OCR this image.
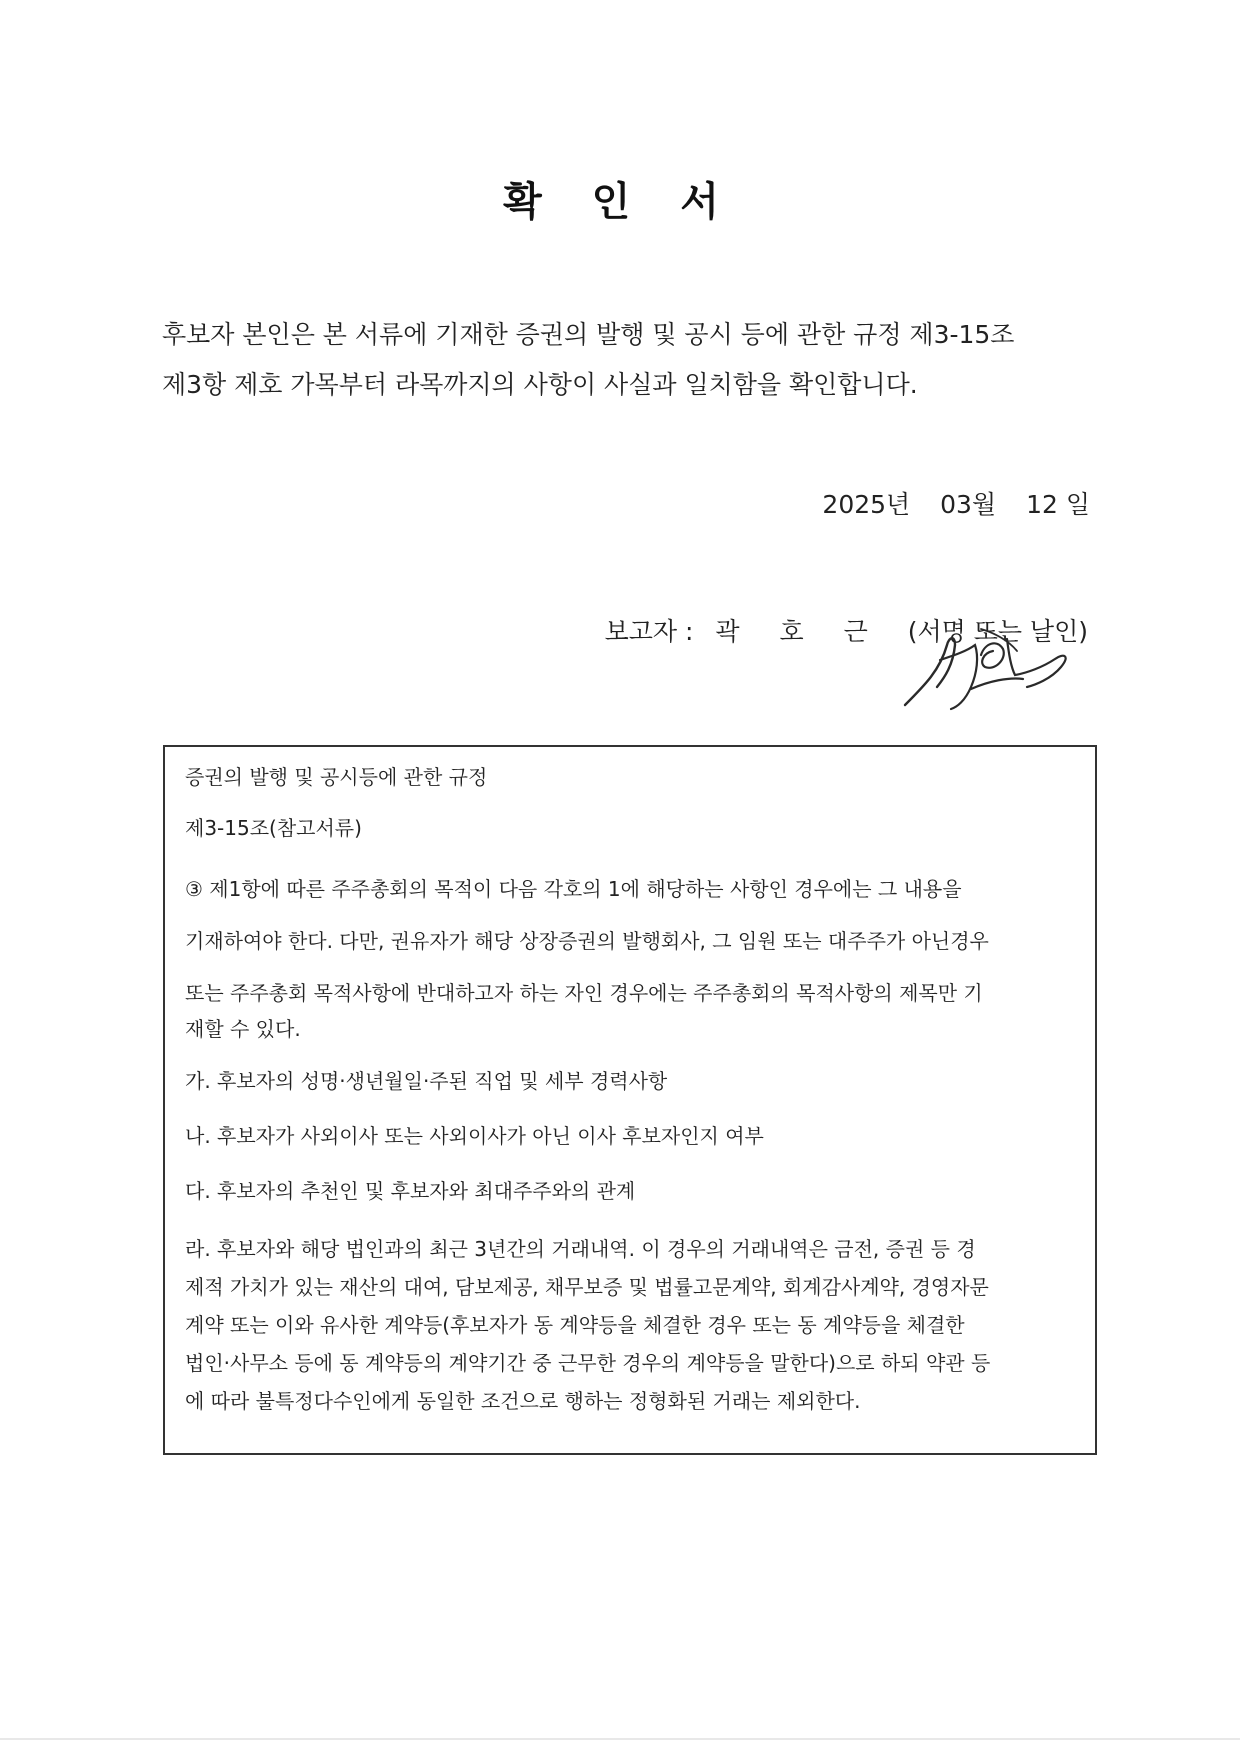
확 인 서

후보자 본인은 본 서류에 기재한 증권의 발행 및 공시 등에 관한 규정 제3-15조

제3항 제호 가목부터 라목까지의 사항이 사실과 일치함을 확인합니다.

2025년 03월 12 일
보고자 : 곽 호 근 (서명 또는 날인)

증권의 발행 및 공시등에 관한 규정

제3-15조(참고서류)

③ 제1항에 따른 주주총회의 목적이 다음 각호의 1에 해당하는 사항인 경우에는 그 내용을

기재하여야 한다. 다만, 권유자가 해당 상장증권의 발행회사, 그 임원 또는 대주주가 아닌경우

또는 주주총회 목적사항에 반대하고자 하는 자인 경우에는 주주총회의 목적사항의 제목만 기

재할 수 있다.

가. 후보자의 성명·생년월일·주된 직업 및 세부 경력사항

나. 후보자가 사외이사 또는 사외이사가 아닌 이사 후보자인지 여부

다. 후보자의 추천인 및 후보자와 최대주주와의 관계

라. 후보자와 해당 법인과의 최근 3년간의 거래내역. 이 경우의 거래내역은 금전, 증권 등 경

제적 가치가 있는 재산의 대여, 담보제공, 채무보증 및 법률고문계약, 회계감사계약, 경영자문

계약 또는 이와 유사한 계약등(후보자가 동 계약등을 체결한 경우 또는 동 계약등을 체결한

법인·사무소 등에 동 계약등의 계약기간 중 근무한 경우의 계약등을 말한다)으로 하되 약관 등

에 따라 불특정다수인에게 동일한 조건으로 행하는 정형화된 거래는 제외한다.
